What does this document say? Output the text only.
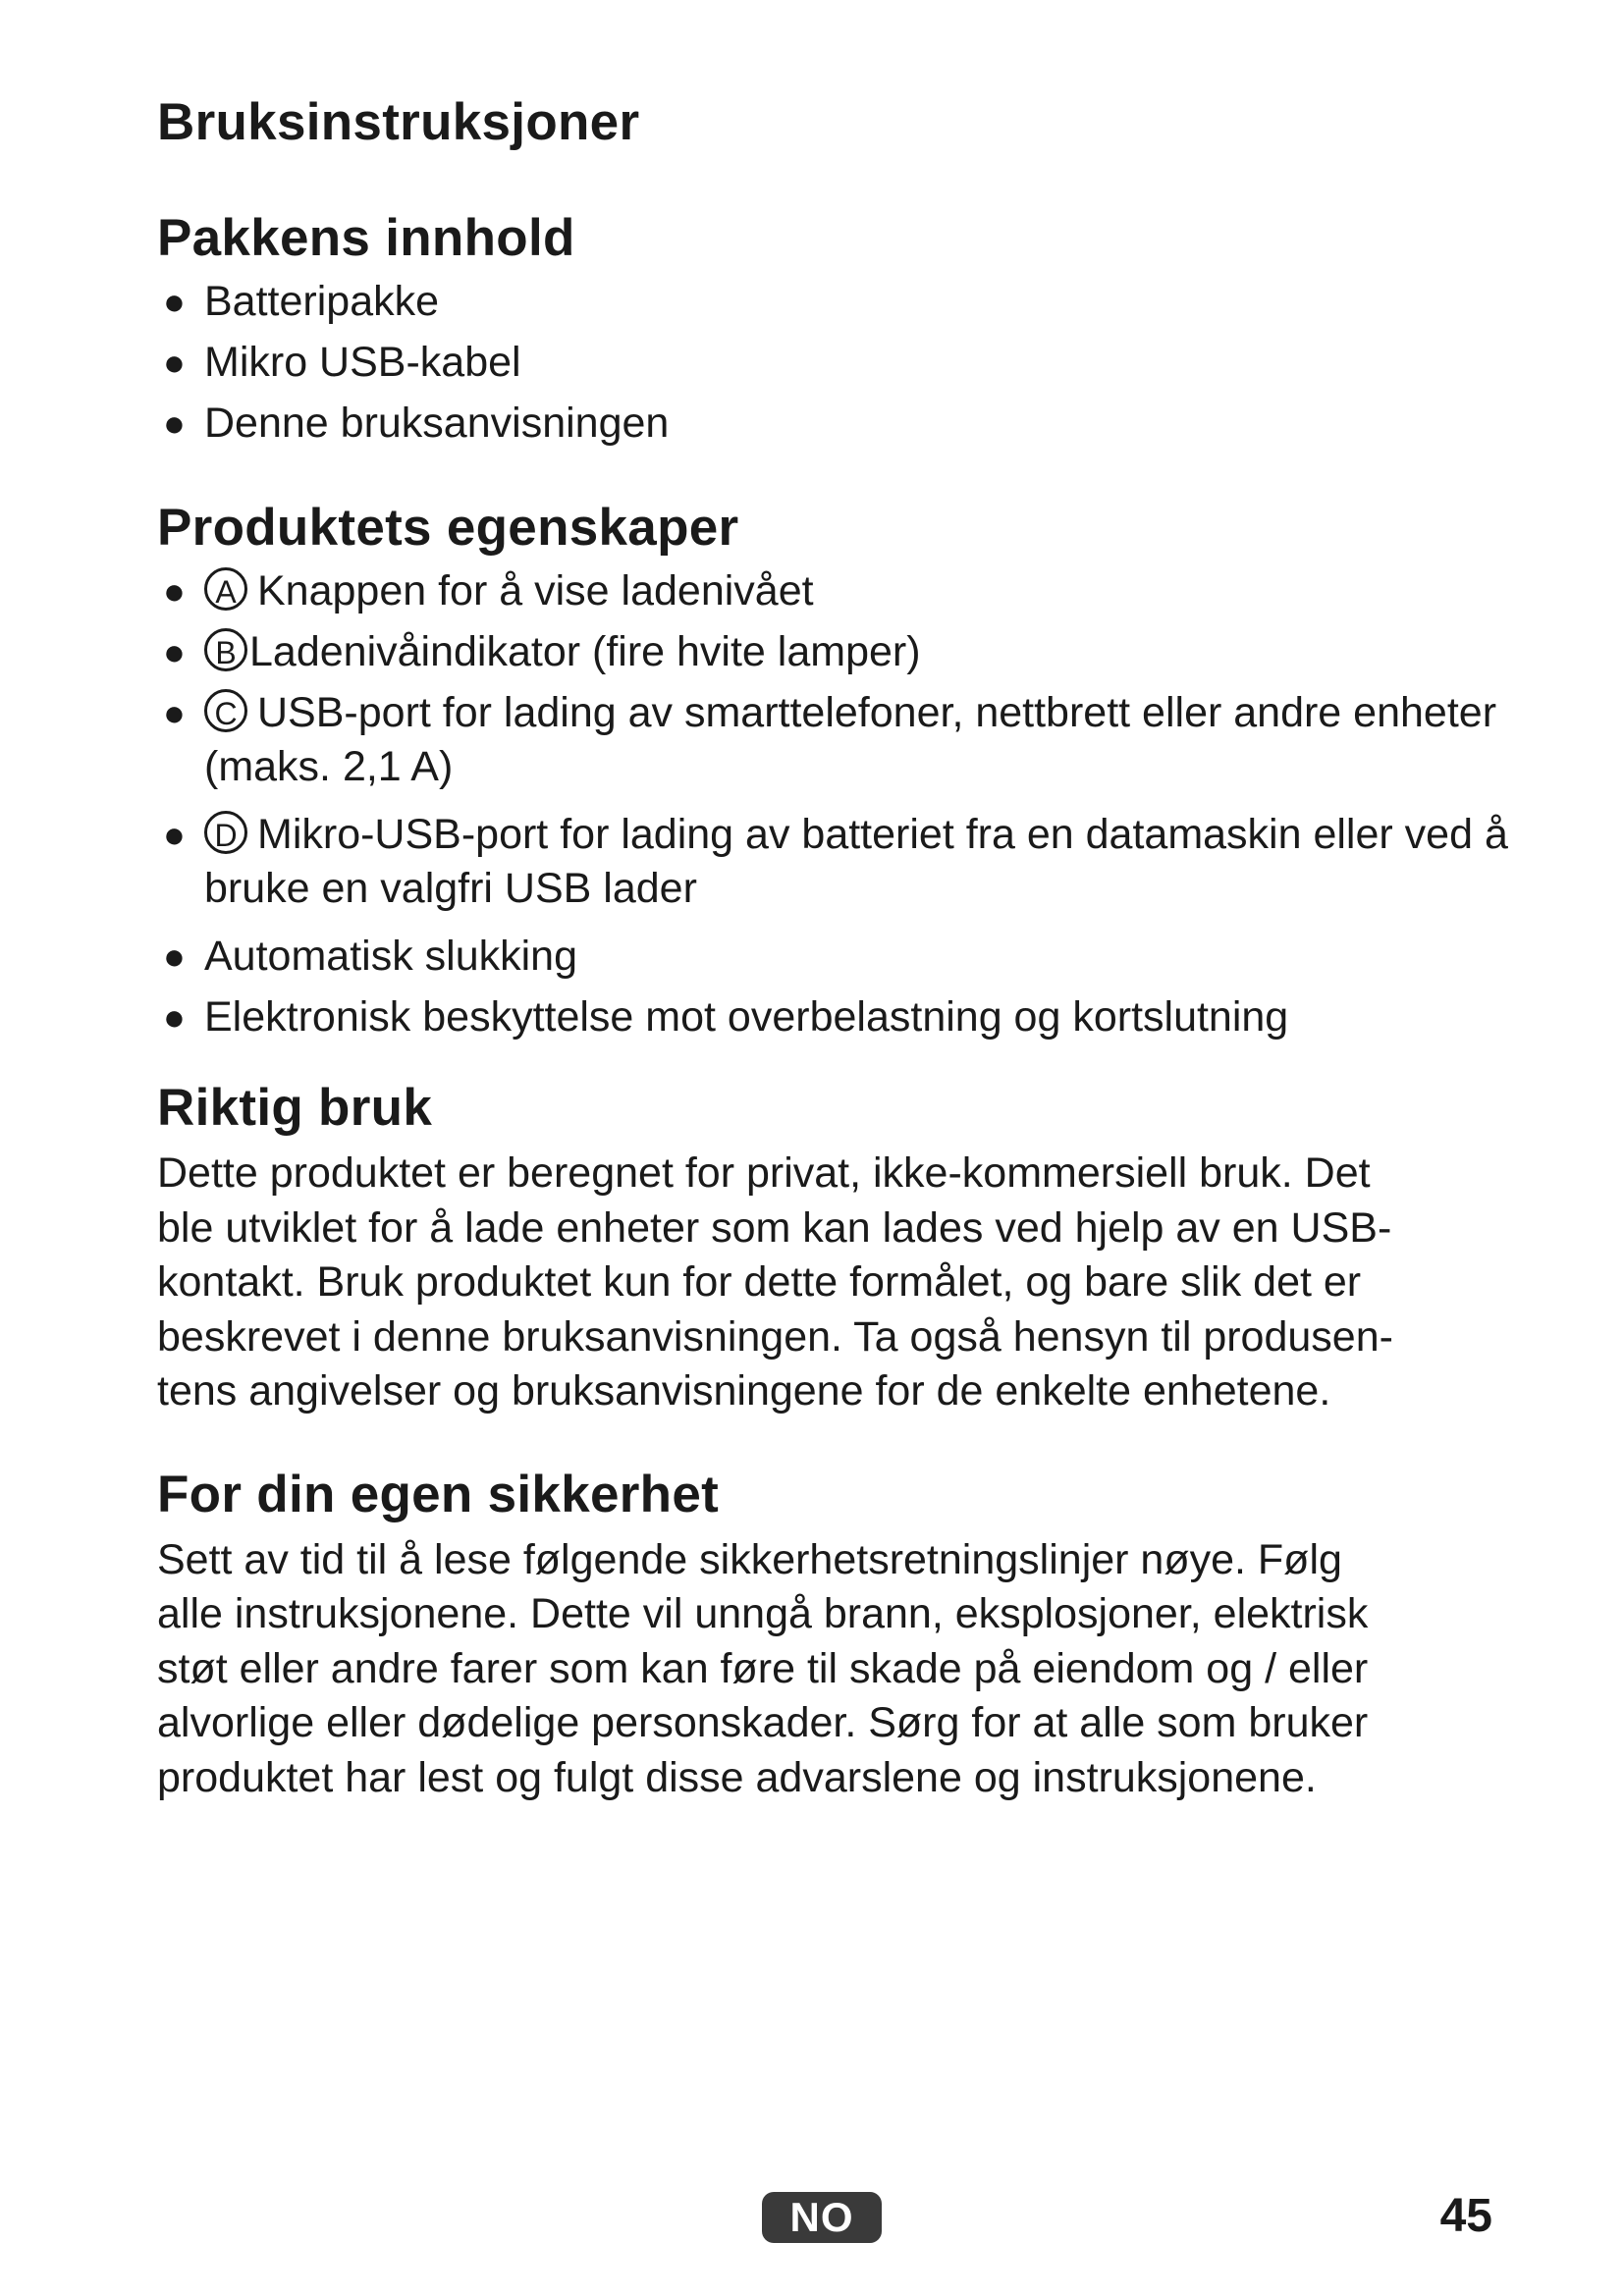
Bruksinstruksjoner
Pakkens innhold
● Batteripakke
● Mikro USB-kabel
● Denne bruksanvisningen
Produktets egenskaper
● A Knappen for å vise ladenivået
● B Ladenivåindikator (fire hvite lamper)
● C USB-port for lading av smarttelefoner, nettbrett eller andre enheter (maks. 2,1 A)
● D Mikro-USB-port for lading av batteriet fra en datamaskin eller ved å bruke en valgfri USB lader
● Automatisk slukking
● Elektronisk beskyttelse mot overbelastning og kortslutning
Riktig bruk

Dette produktet er beregnet for privat, ikke-kommersiell bruk. Det
ble utviklet for å lade enheter som kan lades ved hjelp av en USB-
kontakt. Bruk produktet kun for dette formålet, og bare slik det er
beskrevet i denne bruksanvisningen. Ta også hensyn til produsen-
tens angivelser og bruksanvisningene for de enkelte enhetene.

For din egen sikkerhet

Sett av tid til å lese følgende sikkerhetsretningslinjer nøye. Følg
alle instruksjonene. Dette vil unngå brann, eksplosjoner, elektrisk
støt eller andre farer som kan føre til skade på eiendom og / eller
alvorlige eller dødelige personskader. Sørg for at alle som bruker
produktet har lest og fulgt disse advarslene og instruksjonene.

NO	45
